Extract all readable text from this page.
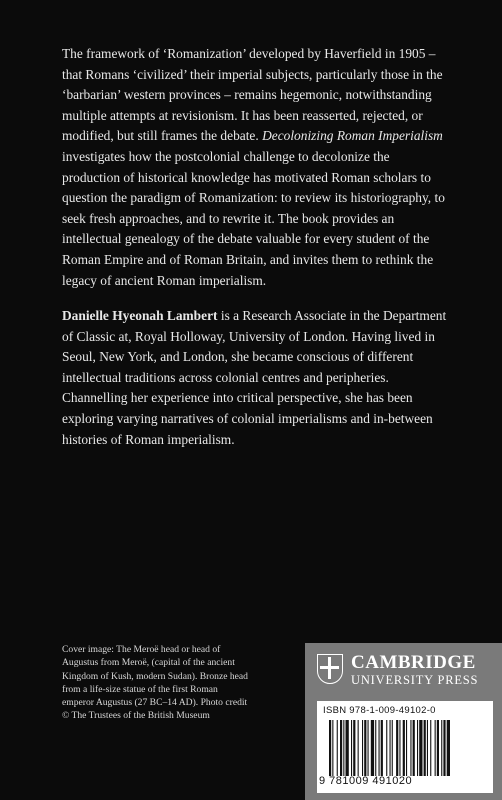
The framework of ‘Romanization’ developed by Haverfield in 1905 – that Romans ‘civilized’ their imperial subjects, particularly those in the ‘barbarian’ western provinces – remains hegemonic, notwithstanding multiple attempts at revisionism. It has been reasserted, rejected, or modified, but still frames the debate. Decolonizing Roman Imperialism investigates how the postcolonial challenge to decolonize the production of historical knowledge has motivated Roman scholars to question the paradigm of Romanization: to review its historiography, to seek fresh approaches, and to rewrite it. The book provides an intellectual genealogy of the debate valuable for every student of the Roman Empire and of Roman Britain, and invites them to rethink the legacy of ancient Roman imperialism.

Danielle Hyeonah Lambert is a Research Associate in the Department of Classic at, Royal Holloway, University of London. Having lived in Seoul, New York, and London, she became conscious of different intellectual traditions across colonial centres and peripheries. Channelling her experience into critical perspective, she has been exploring varying narratives of colonial imperialisms and in-between histories of Roman imperialism.

Cover image: The Meroë head or head of Augustus from Meroë, (capital of the ancient Kingdom of Kush, modern Sudan). Bronze head from a life-size statue of the first Roman emperor Augustus (27 BC–14 AD). Photo credit © The Trustees of the British Museum

CAMBRIDGE
UNIVERSITY PRESS
ISBN 978-1-009-49102-0
9 781009 491020
